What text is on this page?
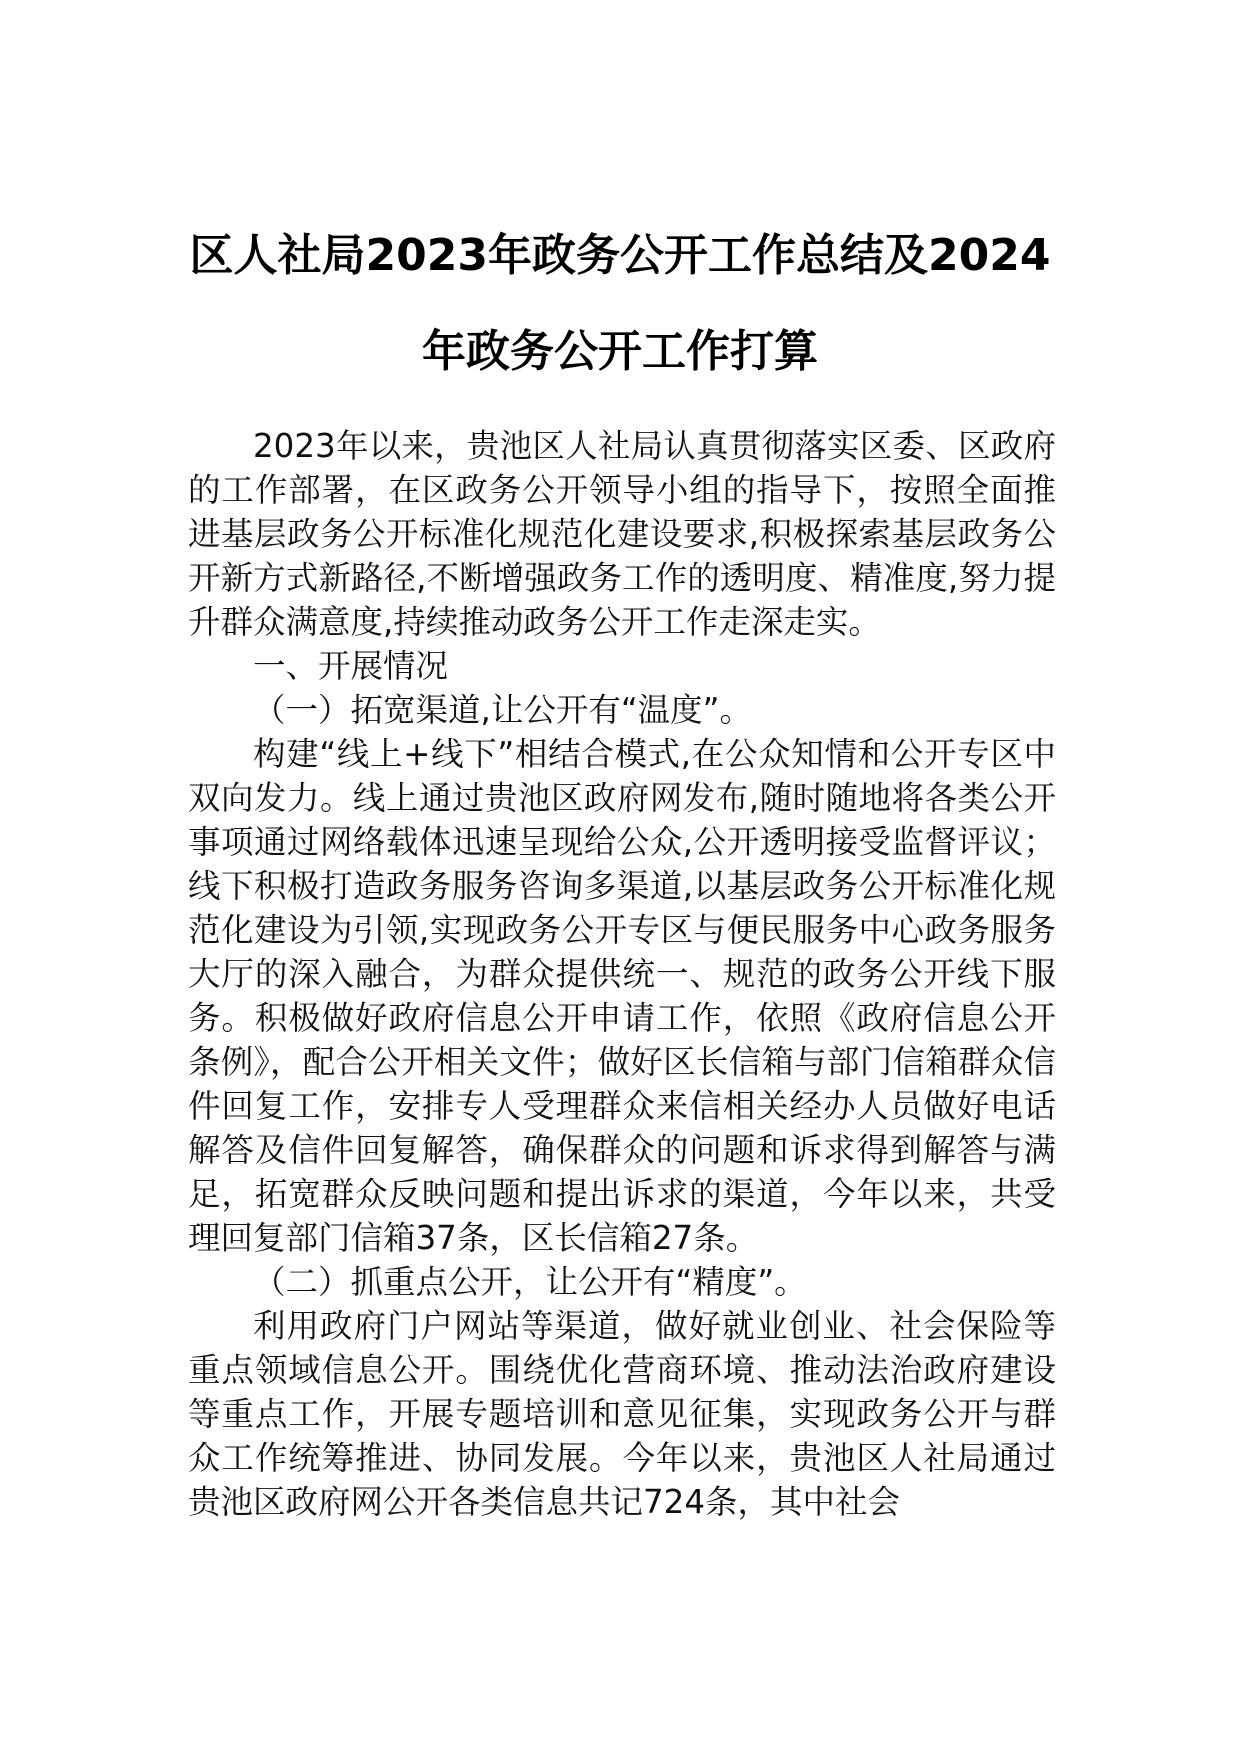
区人社局2023年政务公开工作总结及2024
年政务公开工作打算

2023年以来，贵池区人社局认真贯彻落实区委、区政府的工作部署，在区政务公开领导小组的指导下，按照全面推进基层政务公开标准化规范化建设要求,积极探索基层政务公开新方式新路径,不断增强政务工作的透明度、精准度,努力提升群众满意度,持续推动政务公开工作走深走实。

一、开展情况

（一）拓宽渠道,让公开有“温度”。

构建“线上+线下”相结合模式,在公众知情和公开专区中双向发力。线上通过贵池区政府网发布,随时随地将各类公开事项通过网络载体迅速呈现给公众,公开透明接受监督评议；线下积极打造政务服务咨询多渠道,以基层政务公开标准化规范化建设为引领,实现政务公开专区与便民服务中心政务服务大厅的深入融合，为群众提供统一、规范的政务公开线下服务。积极做好政府信息公开申请工作，依照《政府信息公开条例》，配合公开相关文件；做好区长信箱与部门信箱群众信件回复工作，安排专人受理群众来信相关经办人员做好电话解答及信件回复解答，确保群众的问题和诉求得到解答与满足，拓宽群众反映问题和提出诉求的渠道，今年以来，共受理回复部门信箱37条，区长信箱27条。

（二）抓重点公开，让公开有“精度”。

利用政府门户网站等渠道，做好就业创业、社会保险等重点领域信息公开。围绕优化营商环境、推动法治政府建设等重点工作，开展专题培训和意见征集，实现政务公开与群众工作统筹推进、协同发展。今年以来，贵池区人社局通过贵池区政府网公开各类信息共记724条，其中社会
